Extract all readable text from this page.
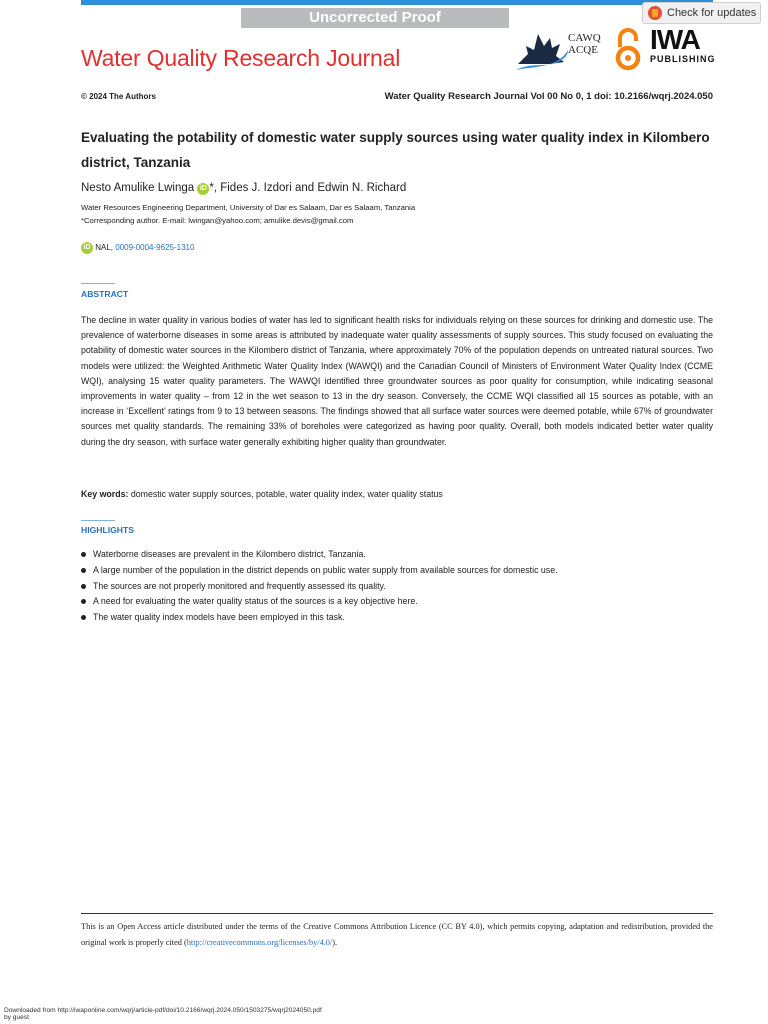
Uncorrected Proof	Check for updates
Water Quality Research Journal
CAWQ
ACQE IWA
PUBLISHING
© 2024 The Authors	Water Quality Research Journal Vol 00 No 0, 1 doi: 10.2166/wqrj.2024.050
Evaluating the potability of domestic water supply sources using water quality index in Kilombero district, Tanzania
Nesto Amulike Lwinga iD *, Fides J. Izdori and Edwin N. Richard
Water Resources Engineering Department, University of Dar es Salaam, Dar es Salaam, Tanzania
*Corresponding author. E-mail: lwingan@yahoo.com; amulike.devis@gmail.com
iD NAL, 0009-0004-9625-1310
ABSTRACT
The decline in water quality in various bodies of water has led to significant health risks for individuals relying on these sources for drinking and domestic use. The prevalence of waterborne diseases in some areas is attributed by inadequate water quality assessments of supply sources. This study focused on evaluating the potability of domestic water sources in the Kilombero district of Tanzania, where approximately 70% of the population depends on untreated natural sources. Two models were utilized: the Weighted Arithmetic Water Quality Index (WAWQI) and the Canadian Council of Ministers of Environment Water Quality Index (CCME WQI), analysing 15 water quality parameters. The WAWQI identified three groundwater sources as poor quality for consumption, while indicating seasonal improvements in water quality – from 12 in the wet season to 13 in the dry season. Conversely, the CCME WQI classified all 15 sources as potable, with an increase in ‘Excellent’ ratings from 9 to 13 between seasons. The findings showed that all surface water sources were deemed potable, while 67% of groundwater sources met quality standards. The remaining 33% of boreholes were categorized as having poor quality. Overall, both models indicated better water quality during the dry season, with surface water generally exhibiting higher quality than groundwater.
Key words: domestic water supply sources, potable, water quality index, water quality status
HIGHLIGHTS
Waterborne diseases are prevalent in the Kilombero district, Tanzania.
A large number of the population in the district depends on public water supply from available sources for domestic use.
The sources are not properly monitored and frequently assessed its quality.
A need for evaluating the water quality status of the sources is a key objective here.
The water quality index models have been employed in this task.
This is an Open Access article distributed under the terms of the Creative Commons Attribution Licence (CC BY 4.0), which permits copying, adaptation and redistribution, provided the original work is properly cited (http://creativecommons.org/licenses/by/4.0/).
Downloaded from http://iwaponline.com/wqrj/article-pdf/doi/10.2166/wqrj.2024.050/1503275/wqrj2024050.pdf
by guest
